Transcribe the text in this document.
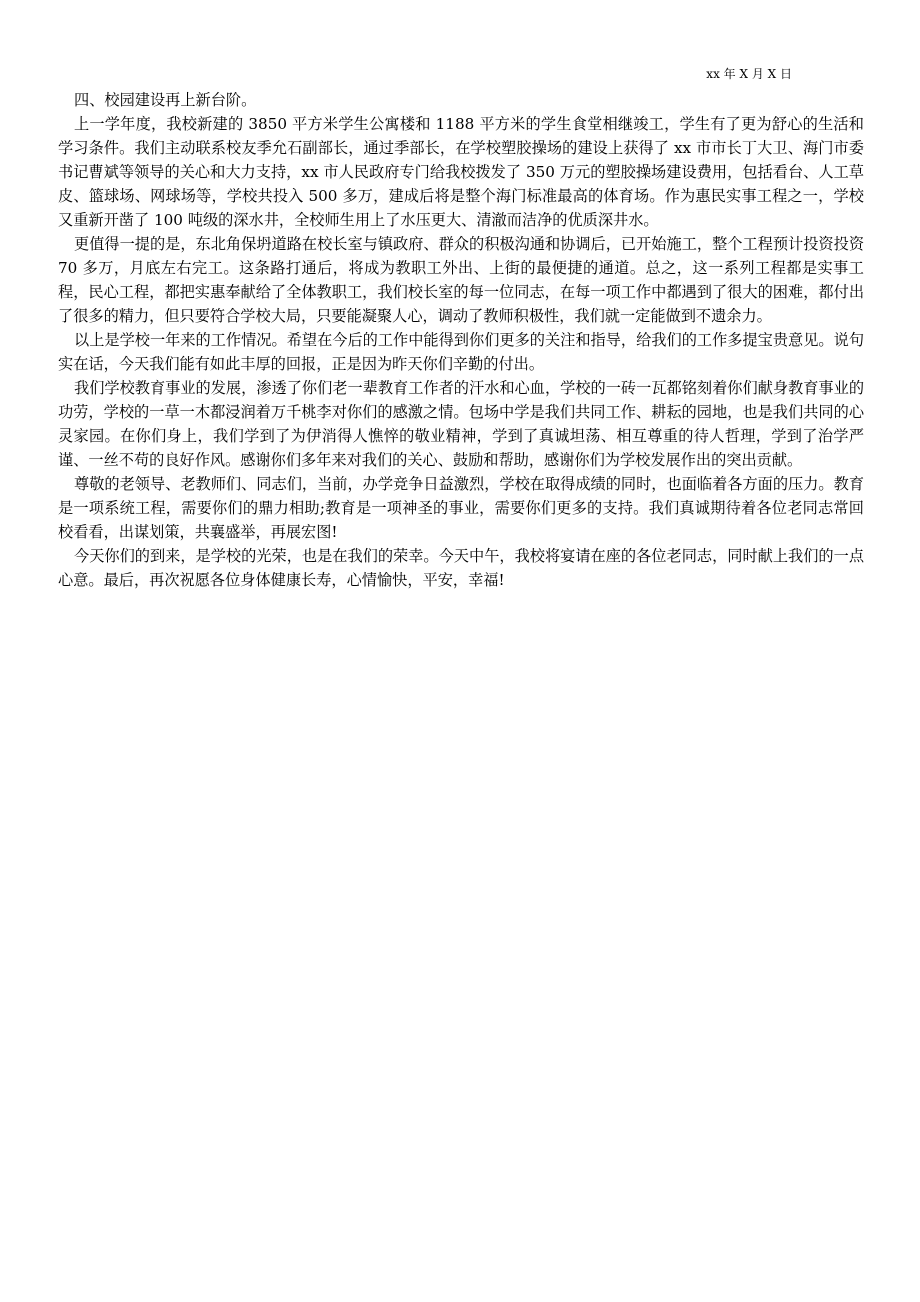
xx 年 X 月 X 日
四、校园建设再上新台阶。

上一学年度，我校新建的 3850 平方米学生公寓楼和 1188 平方米的学生食堂相继竣工，学生有了更为舒心的生活和学习条件。我们主动联系校友季允石副部长，通过季部长，在学校塑胶操场的建设上获得了 xx 市市长丁大卫、海门市委书记曹斌等领导的关心和大力支持，xx 市人民政府专门给我校拨发了 350 万元的塑胶操场建设费用，包括看台、人工草皮、篮球场、网球场等，学校共投入 500 多万，建成后将是整个海门标准最高的体育场。作为惠民实事工程之一，学校又重新开凿了 100 吨级的深水井，全校师生用上了水压更大、清澈而洁净的优质深井水。

更值得一提的是，东北角保坍道路在校长室与镇政府、群众的积极沟通和协调后，已开始施工，整个工程预计投资投资 70 多万，月底左右完工。这条路打通后，将成为教职工外出、上街的最便捷的通道。总之，这一系列工程都是实事工程，民心工程，都把实惠奉献给了全体教职工，我们校长室的每一位同志，在每一项工作中都遇到了很大的困难，都付出了很多的精力，但只要符合学校大局，只要能凝聚人心，调动了教师积极性，我们就一定能做到不遗余力。

以上是学校一年来的工作情况。希望在今后的工作中能得到你们更多的关注和指导，给我们的工作多提宝贵意见。说句实在话，今天我们能有如此丰厚的回报，正是因为昨天你们辛勤的付出。

我们学校教育事业的发展，渗透了你们老一辈教育工作者的汗水和心血，学校的一砖一瓦都铭刻着你们献身教育事业的功劳，学校的一草一木都浸润着万千桃李对你们的感激之情。包场中学是我们共同工作、耕耘的园地，也是我们共同的心灵家园。在你们身上，我们学到了为伊消得人憔悴的敬业精神，学到了真诚坦荡、相互尊重的待人哲理，学到了治学严谨、一丝不苟的良好作风。感谢你们多年来对我们的关心、鼓励和帮助，感谢你们为学校发展作出的突出贡献。

尊敬的老领导、老教师们、同志们，当前，办学竞争日益激烈，学校在取得成绩的同时，也面临着各方面的压力。教育是一项系统工程，需要你们的鼎力相助;教育是一项神圣的事业，需要你们更多的支持。我们真诚期待着各位老同志常回校看看，出谋划策，共襄盛举，再展宏图!

今天你们的到来，是学校的光荣，也是在我们的荣幸。今天中午，我校将宴请在座的各位老同志，同时献上我们的一点心意。最后，再次祝愿各位身体健康长寿，心情愉快，平安，幸福!
